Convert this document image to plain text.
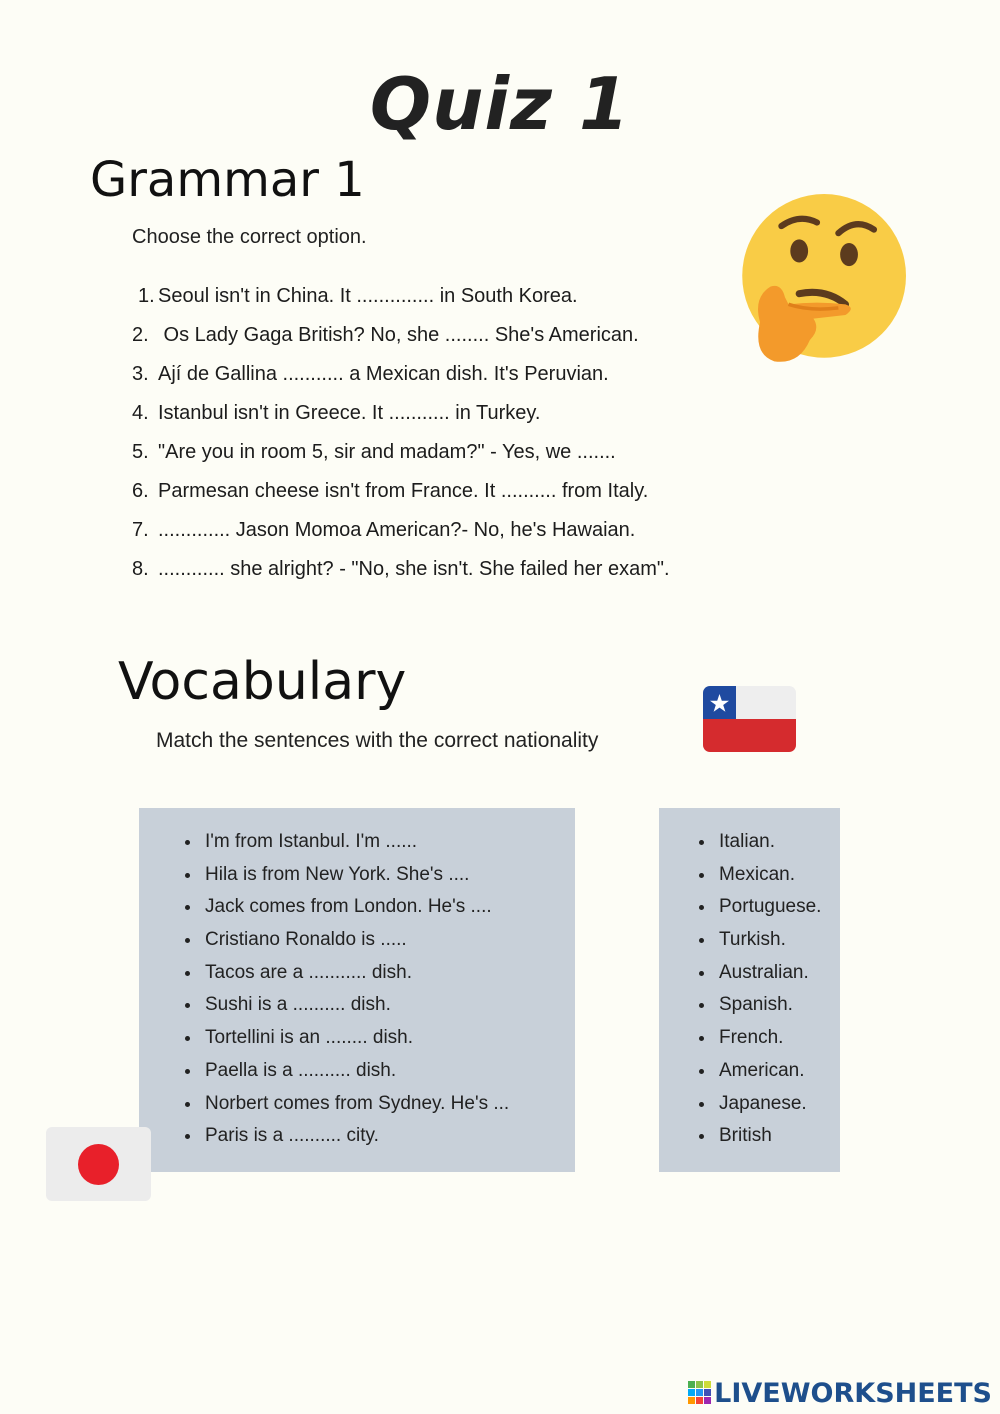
Quiz 1
Grammar 1
Choose the correct option.
1. Seoul isn't in China. It .............. in South Korea.
2. Os Lady Gaga British? No, she ........ She's American.
3. Ají de Gallina ........... a Mexican dish. It's Peruvian.
4. Istanbul isn't in Greece. It ........... in Turkey.
5. "Are you in room 5, sir and madam?" - Yes, we .......
6. Parmesan cheese isn't from France. It .......... from Italy.
7. ............. Jason Momoa American?- No, he's Hawaian.
8. ............ she alright? - "No, she isn't. She failed her exam".
Vocabulary
Match the sentences with the correct nationality
I'm from Istanbul. I'm ......
Hila is from New York. She's ....
Jack comes from London. He's ....
Cristiano Ronaldo is .....
Tacos are a ........... dish.
Sushi is a .......... dish.
Tortellini is an ........ dish.
Paella is a .......... dish.
Norbert comes from Sydney. He's ...
Paris is a .......... city.
Italian.
Mexican.
Portuguese.
Turkish.
Australian.
Spanish.
French.
American.
Japanese.
British
LIVEWORKSHEETS
